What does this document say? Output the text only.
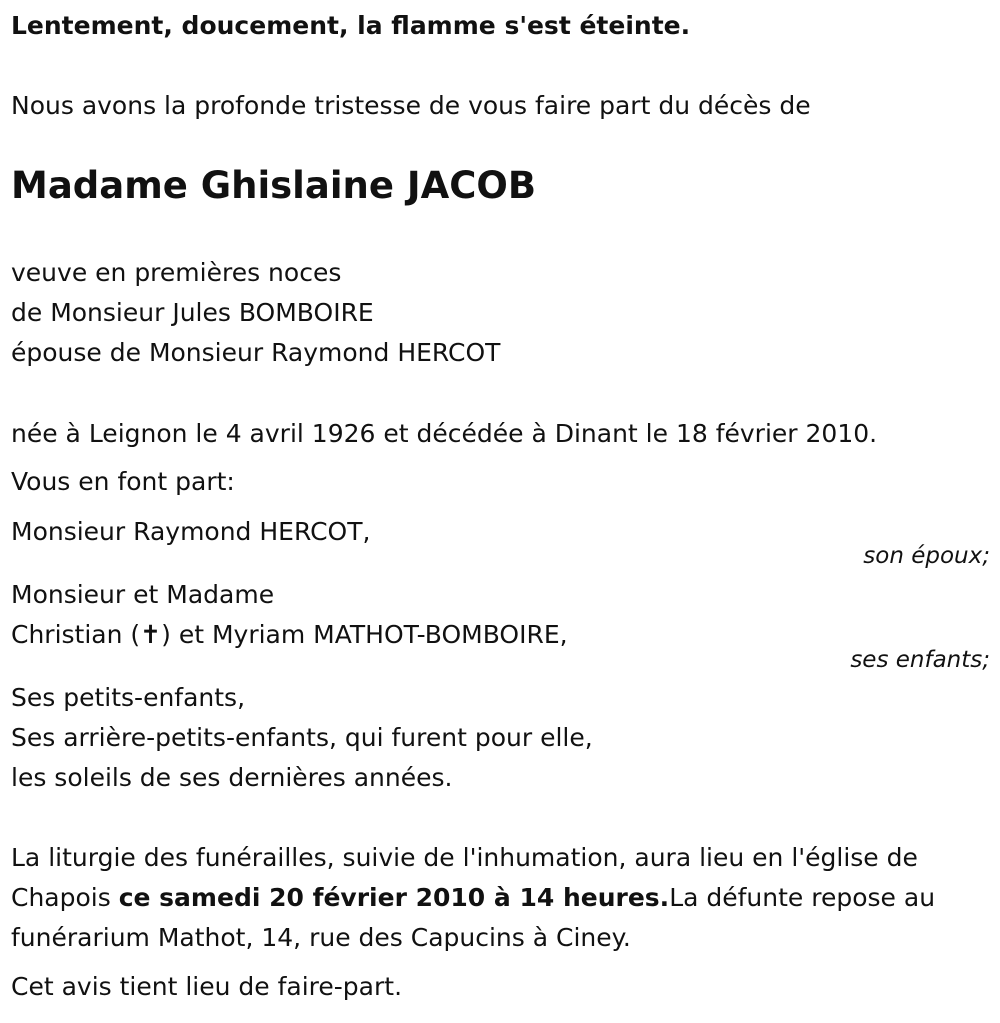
Lentement, doucement, la flamme s'est éteinte.
Nous avons la profonde tristesse de vous faire part du décès de
Madame Ghislaine JACOB
veuve en premières noces
de Monsieur Jules BOMBOIRE
épouse de Monsieur Raymond HERCOT
née à Leignon le 4 avril 1926 et décédée à Dinant le 18 février 2010.
Vous en font part:
Monsieur Raymond HERCOT,
son époux;
Monsieur et Madame
Christian (✝) et Myriam MATHOT-BOMBOIRE,
ses enfants;
Ses petits-enfants,
Ses arrière-petits-enfants, qui furent pour elle,
les soleils de ses dernières années.
La liturgie des funérailles, suivie de l'inhumation, aura lieu en l'église de
Chapois ce samedi 20 février 2010 à 14 heures.La défunte repose au
funérarium Mathot, 14, rue des Capucins à Ciney.
Cet avis tient lieu de faire-part.
